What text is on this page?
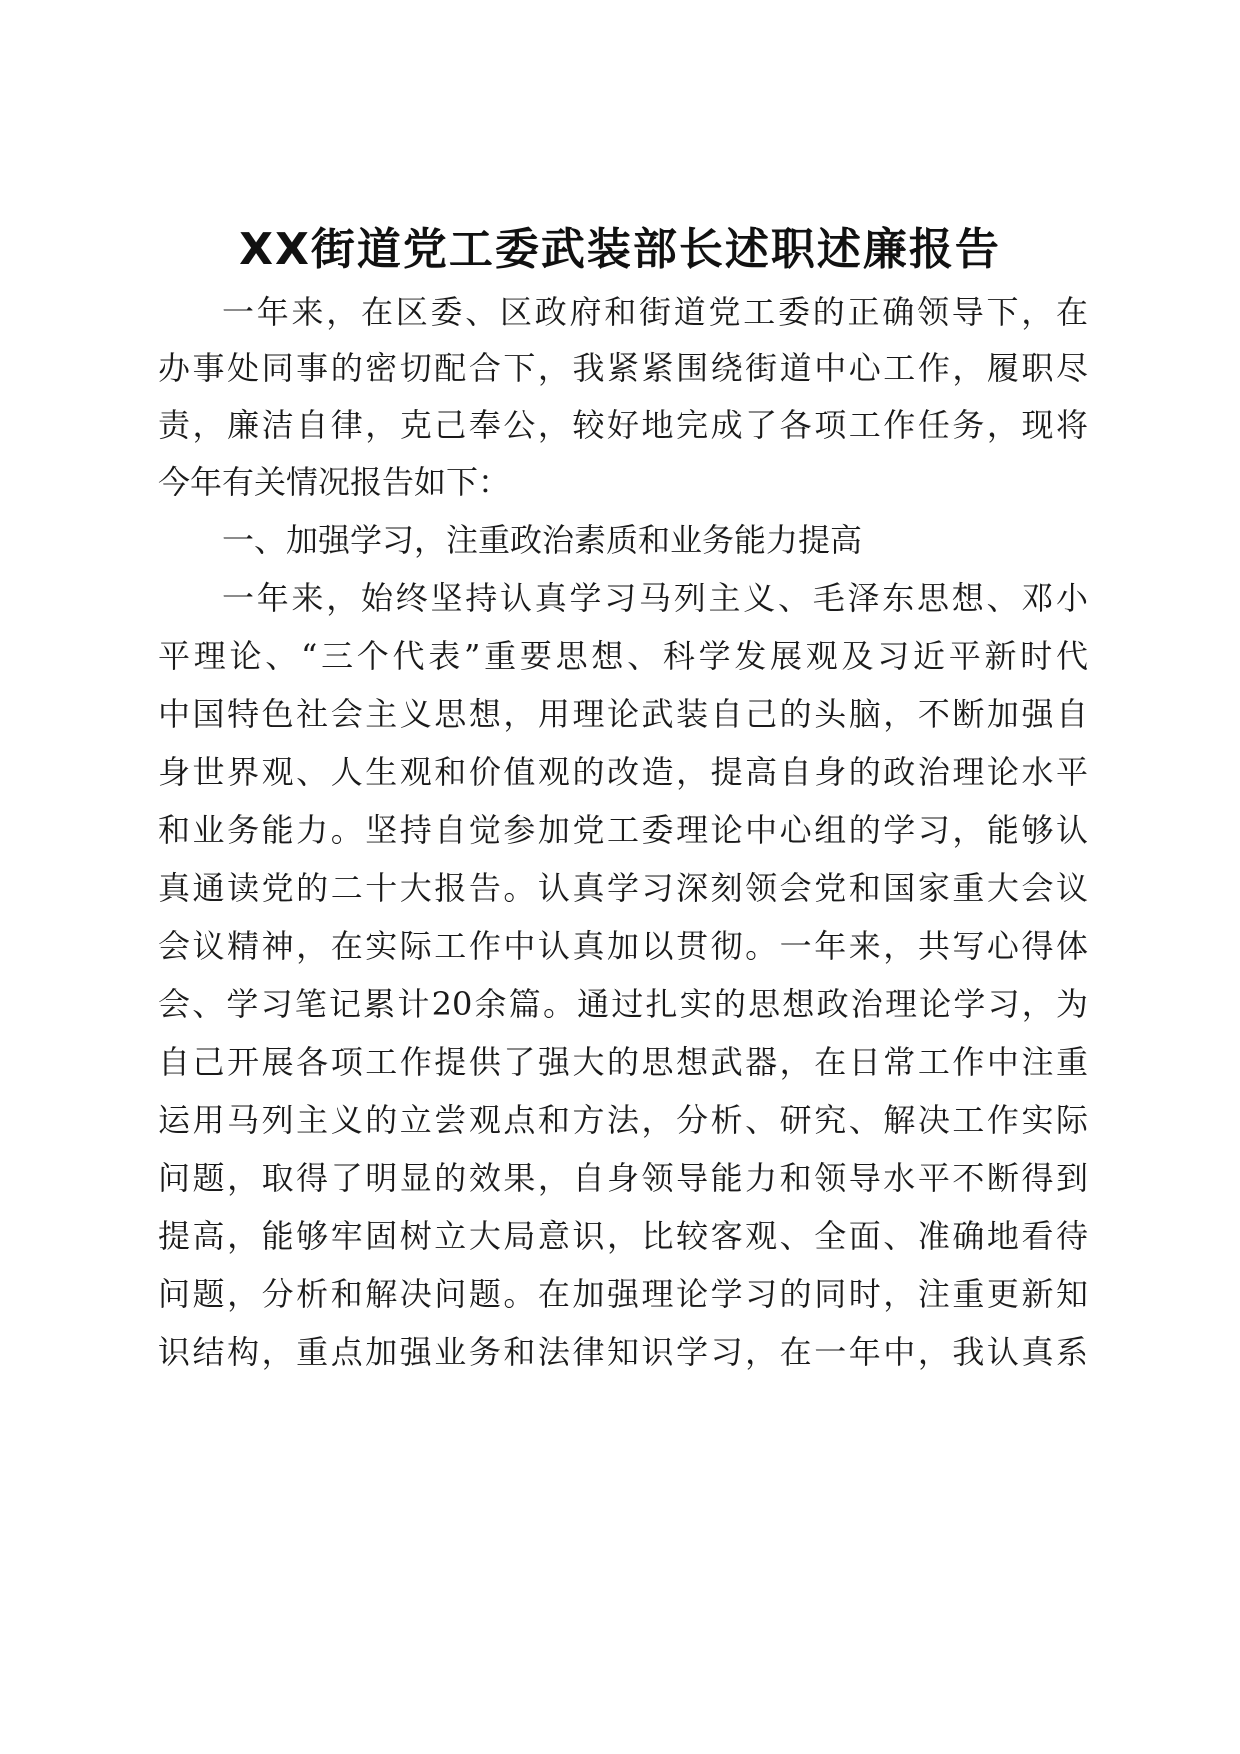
XX街道党工委武装部长述职述廉报告

一年来，在区委、区政府和街道党工委的正确领导下，在

办事处同事的密切配合下，我紧紧围绕街道中心工作，履职尽

责，廉洁自律，克己奉公，较好地完成了各项工作任务，现将

今年有关情况报告如下：

一、加强学习，注重政治素质和业务能力提高

一年来，始终坚持认真学习马列主义、毛泽东思想、邓小

平理论、“三个代表”重要思想、科学发展观及习近平新时代

中国特色社会主义思想，用理论武装自己的头脑，不断加强自

身世界观、人生观和价值观的改造，提高自身的政治理论水平

和业务能力。坚持自觉参加党工委理论中心组的学习，能够认

真通读党的二十大报告。认真学习深刻领会党和国家重大会议

会议精神，在实际工作中认真加以贯彻。一年来，共写心得体

会、学习笔记累计20余篇。通过扎实的思想政治理论学习，为

自己开展各项工作提供了强大的思想武器，在日常工作中注重

运用马列主义的立尝观点和方法，分析、研究、解决工作实际

问题，取得了明显的效果，自身领导能力和领导水平不断得到

提高，能够牢固树立大局意识，比较客观、全面、准确地看待

问题，分析和解决问题。在加强理论学习的同时，注重更新知

识结构，重点加强业务和法律知识学习，在一年中，我认真系
